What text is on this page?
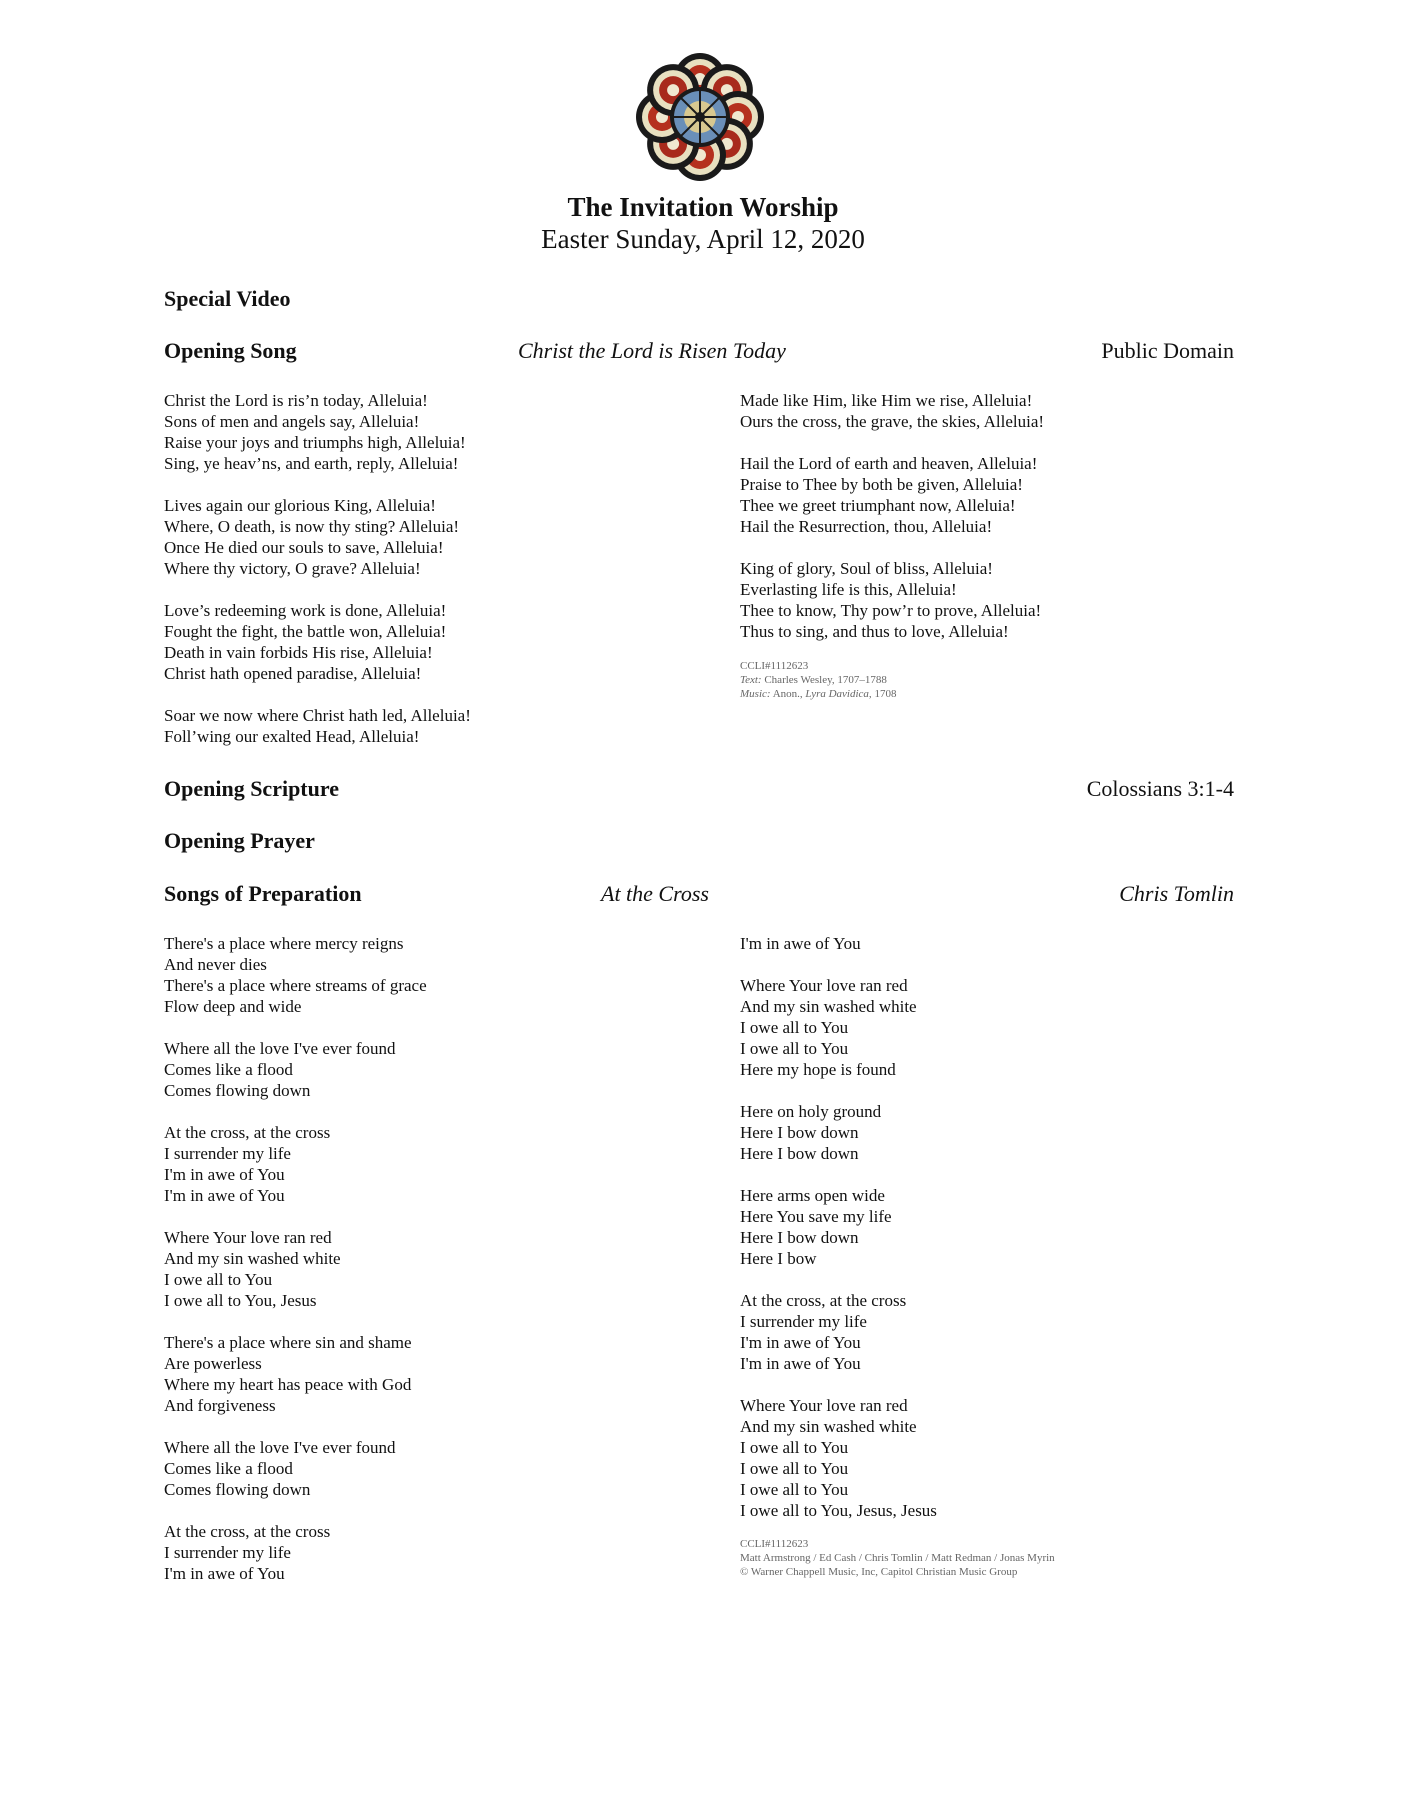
The Invitation Worship
Easter Sunday, April 12, 2020
Special Video
Opening Song	Christ the Lord is Risen Today	Public Domain

Christ the Lord is ris’n today, Alleluia!
Sons of men and angels say, Alleluia!
Raise your joys and triumphs high, Alleluia!
Sing, ye heav’ns, and earth, reply, Alleluia!

Lives again our glorious King, Alleluia!
Where, O death, is now thy sting? Alleluia!
Once He died our souls to save, Alleluia!
Where thy victory, O grave? Alleluia!

Love’s redeeming work is done, Alleluia!
Fought the fight, the battle won, Alleluia!
Death in vain forbids His rise, Alleluia!
Christ hath opened paradise, Alleluia!

Soar we now where Christ hath led, Alleluia!
Foll’wing our exalted Head, Alleluia!

Made like Him, like Him we rise, Alleluia!
Ours the cross, the grave, the skies, Alleluia!

Hail the Lord of earth and heaven, Alleluia!
Praise to Thee by both be given, Alleluia!
Thee we greet triumphant now, Alleluia!
Hail the Resurrection, thou, Alleluia!

King of glory, Soul of bliss, Alleluia!
Everlasting life is this, Alleluia!
Thee to know, Thy pow’r to prove, Alleluia!
Thus to sing, and thus to love, Alleluia!

CCLI#1112623
Text: Charles Wesley, 1707–1788
Music: Anon., Lyra Davidica, 1708
Opening Scripture	Colossians 3:1-4
Opening Prayer
Songs of Preparation	At the Cross	Chris Tomlin

There's a place where mercy reigns
And never dies
There's a place where streams of grace
Flow deep and wide

Where all the love I've ever found
Comes like a flood
Comes flowing down

At the cross, at the cross
I surrender my life
I'm in awe of You
I'm in awe of You

Where Your love ran red
And my sin washed white
I owe all to You
I owe all to You, Jesus

There's a place where sin and shame
Are powerless
Where my heart has peace with God
And forgiveness

Where all the love I've ever found
Comes like a flood
Comes flowing down

At the cross, at the cross
I surrender my life
I'm in awe of You

I'm in awe of You

Where Your love ran red
And my sin washed white
I owe all to You
I owe all to You
Here my hope is found

Here on holy ground
Here I bow down
Here I bow down

Here arms open wide
Here You save my life
Here I bow down
Here I bow

At the cross, at the cross
I surrender my life
I'm in awe of You
I'm in awe of You

Where Your love ran red
And my sin washed white
I owe all to You
I owe all to You
I owe all to You
I owe all to You, Jesus, Jesus

CCLI#1112623
Matt Armstrong / Ed Cash / Chris Tomlin / Matt Redman / Jonas Myrin
© Warner Chappell Music, Inc, Capitol Christian Music Group
